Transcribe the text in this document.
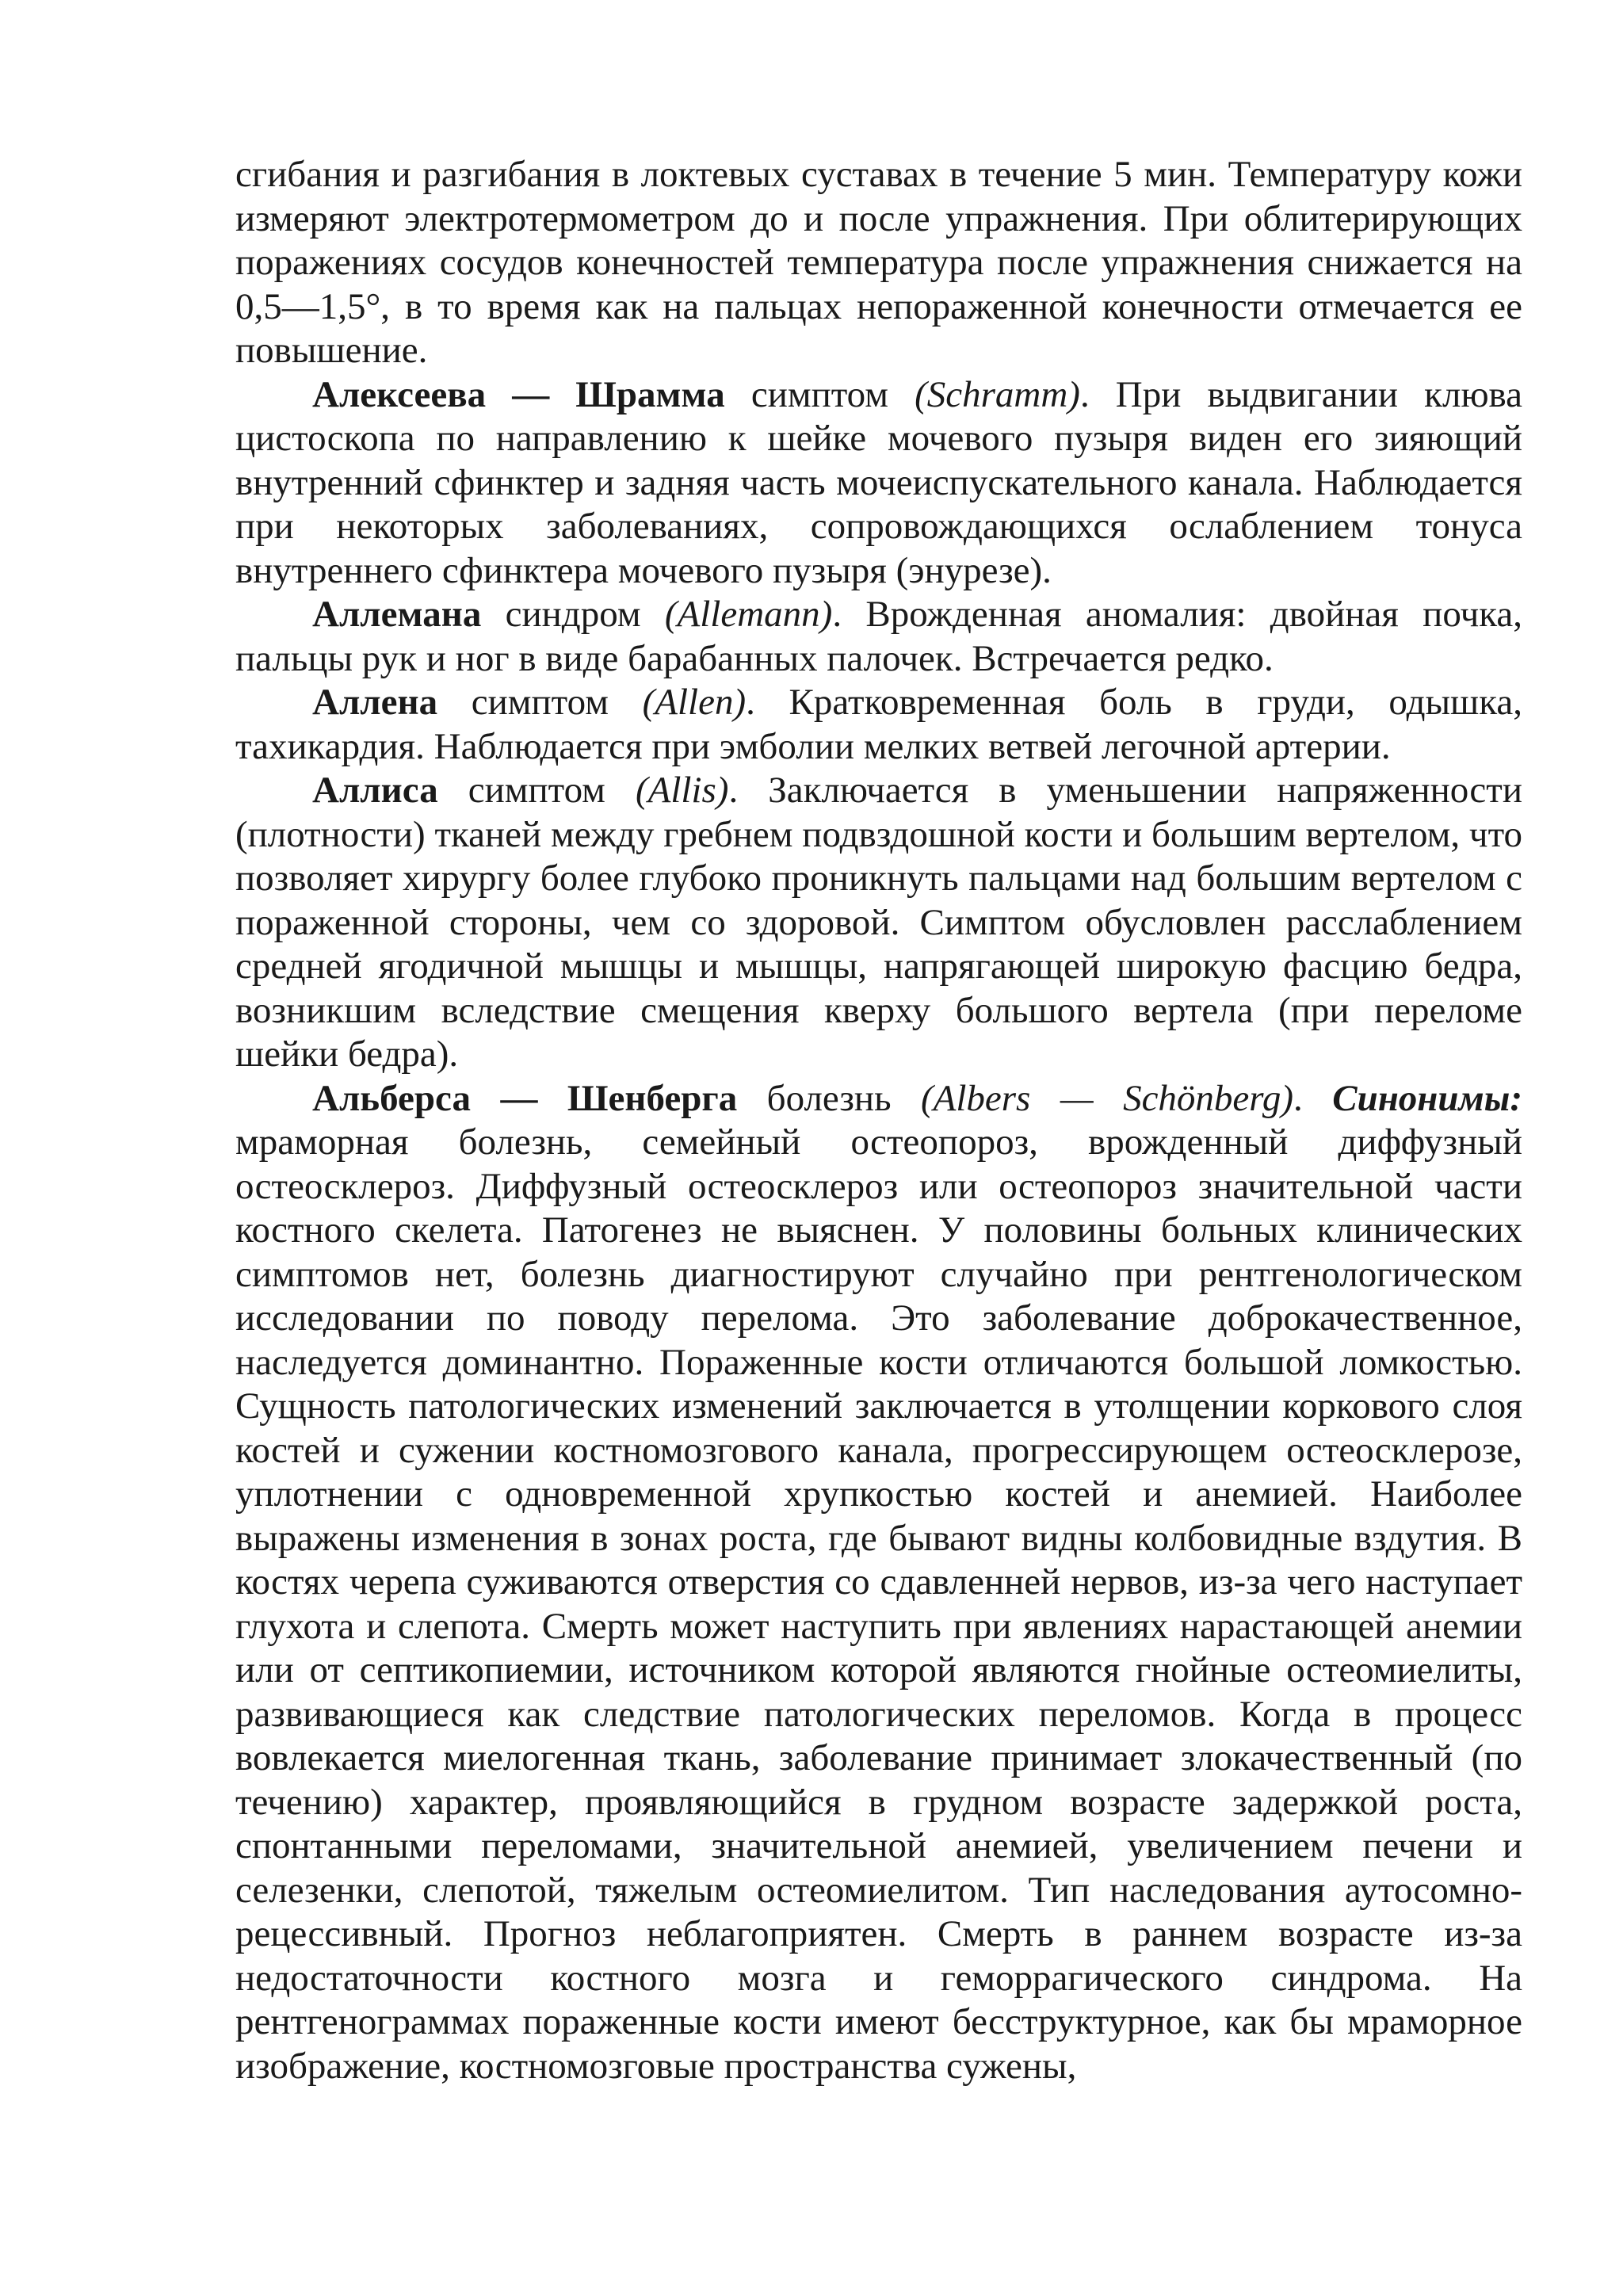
сгибания и разгибания в локтевых суставах в течение 5 мин. Температуру кожи измеряют электротермометром до и после упражнения. При облитерирующих поражениях сосудов конечностей температура после упражнения снижается на 0,5—1,5°, в то время как на пальцах непораженной конечности отмечается ее повышение.

Алексеева — Шрамма симптом (Schramm). При выдвигании клюва цистоскопа по направлению к шейке мочевого пузыря виден его зияющий внутренний сфинктер и задняя часть мочеиспускательного канала. Наблюдается при некоторых заболеваниях, сопровождающихся ослаблением тонуса внутреннего сфинктера мочевого пузыря (энурезе).

Аллемана синдром (Allemann). Врожденная аномалия: двойная почка, пальцы рук и ног в виде барабанных палочек. Встречается редко.

Аллена симптом (Allen). Кратковременная боль в груди, одышка, тахикардия. Наблюдается при эмболии мелких ветвей легочной артерии.

Аллиса симптом (Allis). Заключается в уменьшении напряженности (плотности) тканей между гребнем подвздошной кости и большим вертелом, что позволяет хирургу более глубоко проникнуть пальцами над большим вертелом с пораженной стороны, чем со здоровой. Симптом обусловлен расслаблением средней ягодичной мышцы и мышцы, напрягающей широкую фасцию бедра, возникшим вследствие смещения кверху большого вертела (при переломе шейки бедра).

Альберса — Шенберга болезнь (Albers — Schönberg). Синонимы: мраморная болезнь, семейный остеопороз, врожденный диффузный остеосклероз. Диффузный остеосклероз или остеопороз значительной части костного скелета. Патогенез не выяснен. У половины больных клинических симптомов нет, болезнь диагностируют случайно при рентгенологическом исследовании по поводу перелома. Это заболевание доброкачественное, наследуется доминантно. Пораженные кости отличаются большой ломкостью. Сущность патологических изменений заключается в утолщении коркового слоя костей и сужении костномозгового канала, прогрессирующем остеосклерозе, уплотнении с одновременной хрупкостью костей и анемией. Наиболее выражены изменения в зонах роста, где бывают видны колбовидные вздутия. В костях черепа суживаются отверстия со сдавленней нервов, из-за чего наступает глухота и слепота. Смерть может наступить при явлениях нарастающей анемии или от септикопиемии, источником которой являются гнойные остеомиелиты, развивающиеся как следствие патологических переломов. Когда в процесс вовлекается миелогенная ткань, заболевание принимает злокачественный (по течению) характер, проявляющийся в грудном возрасте задержкой роста, спонтанными переломами, значительной анемией, увеличением печени и селезенки, слепотой, тяжелым остеомиелитом. Тип наследования аутосомно-рецессивный. Прогноз неблагоприятен. Смерть в раннем возрасте из-за недостаточности костного мозга и геморрагического синдрома. На рентгенограммах пораженные кости имеют бесструктурное, как бы мраморное изображение, костномозговые пространства сужены,
